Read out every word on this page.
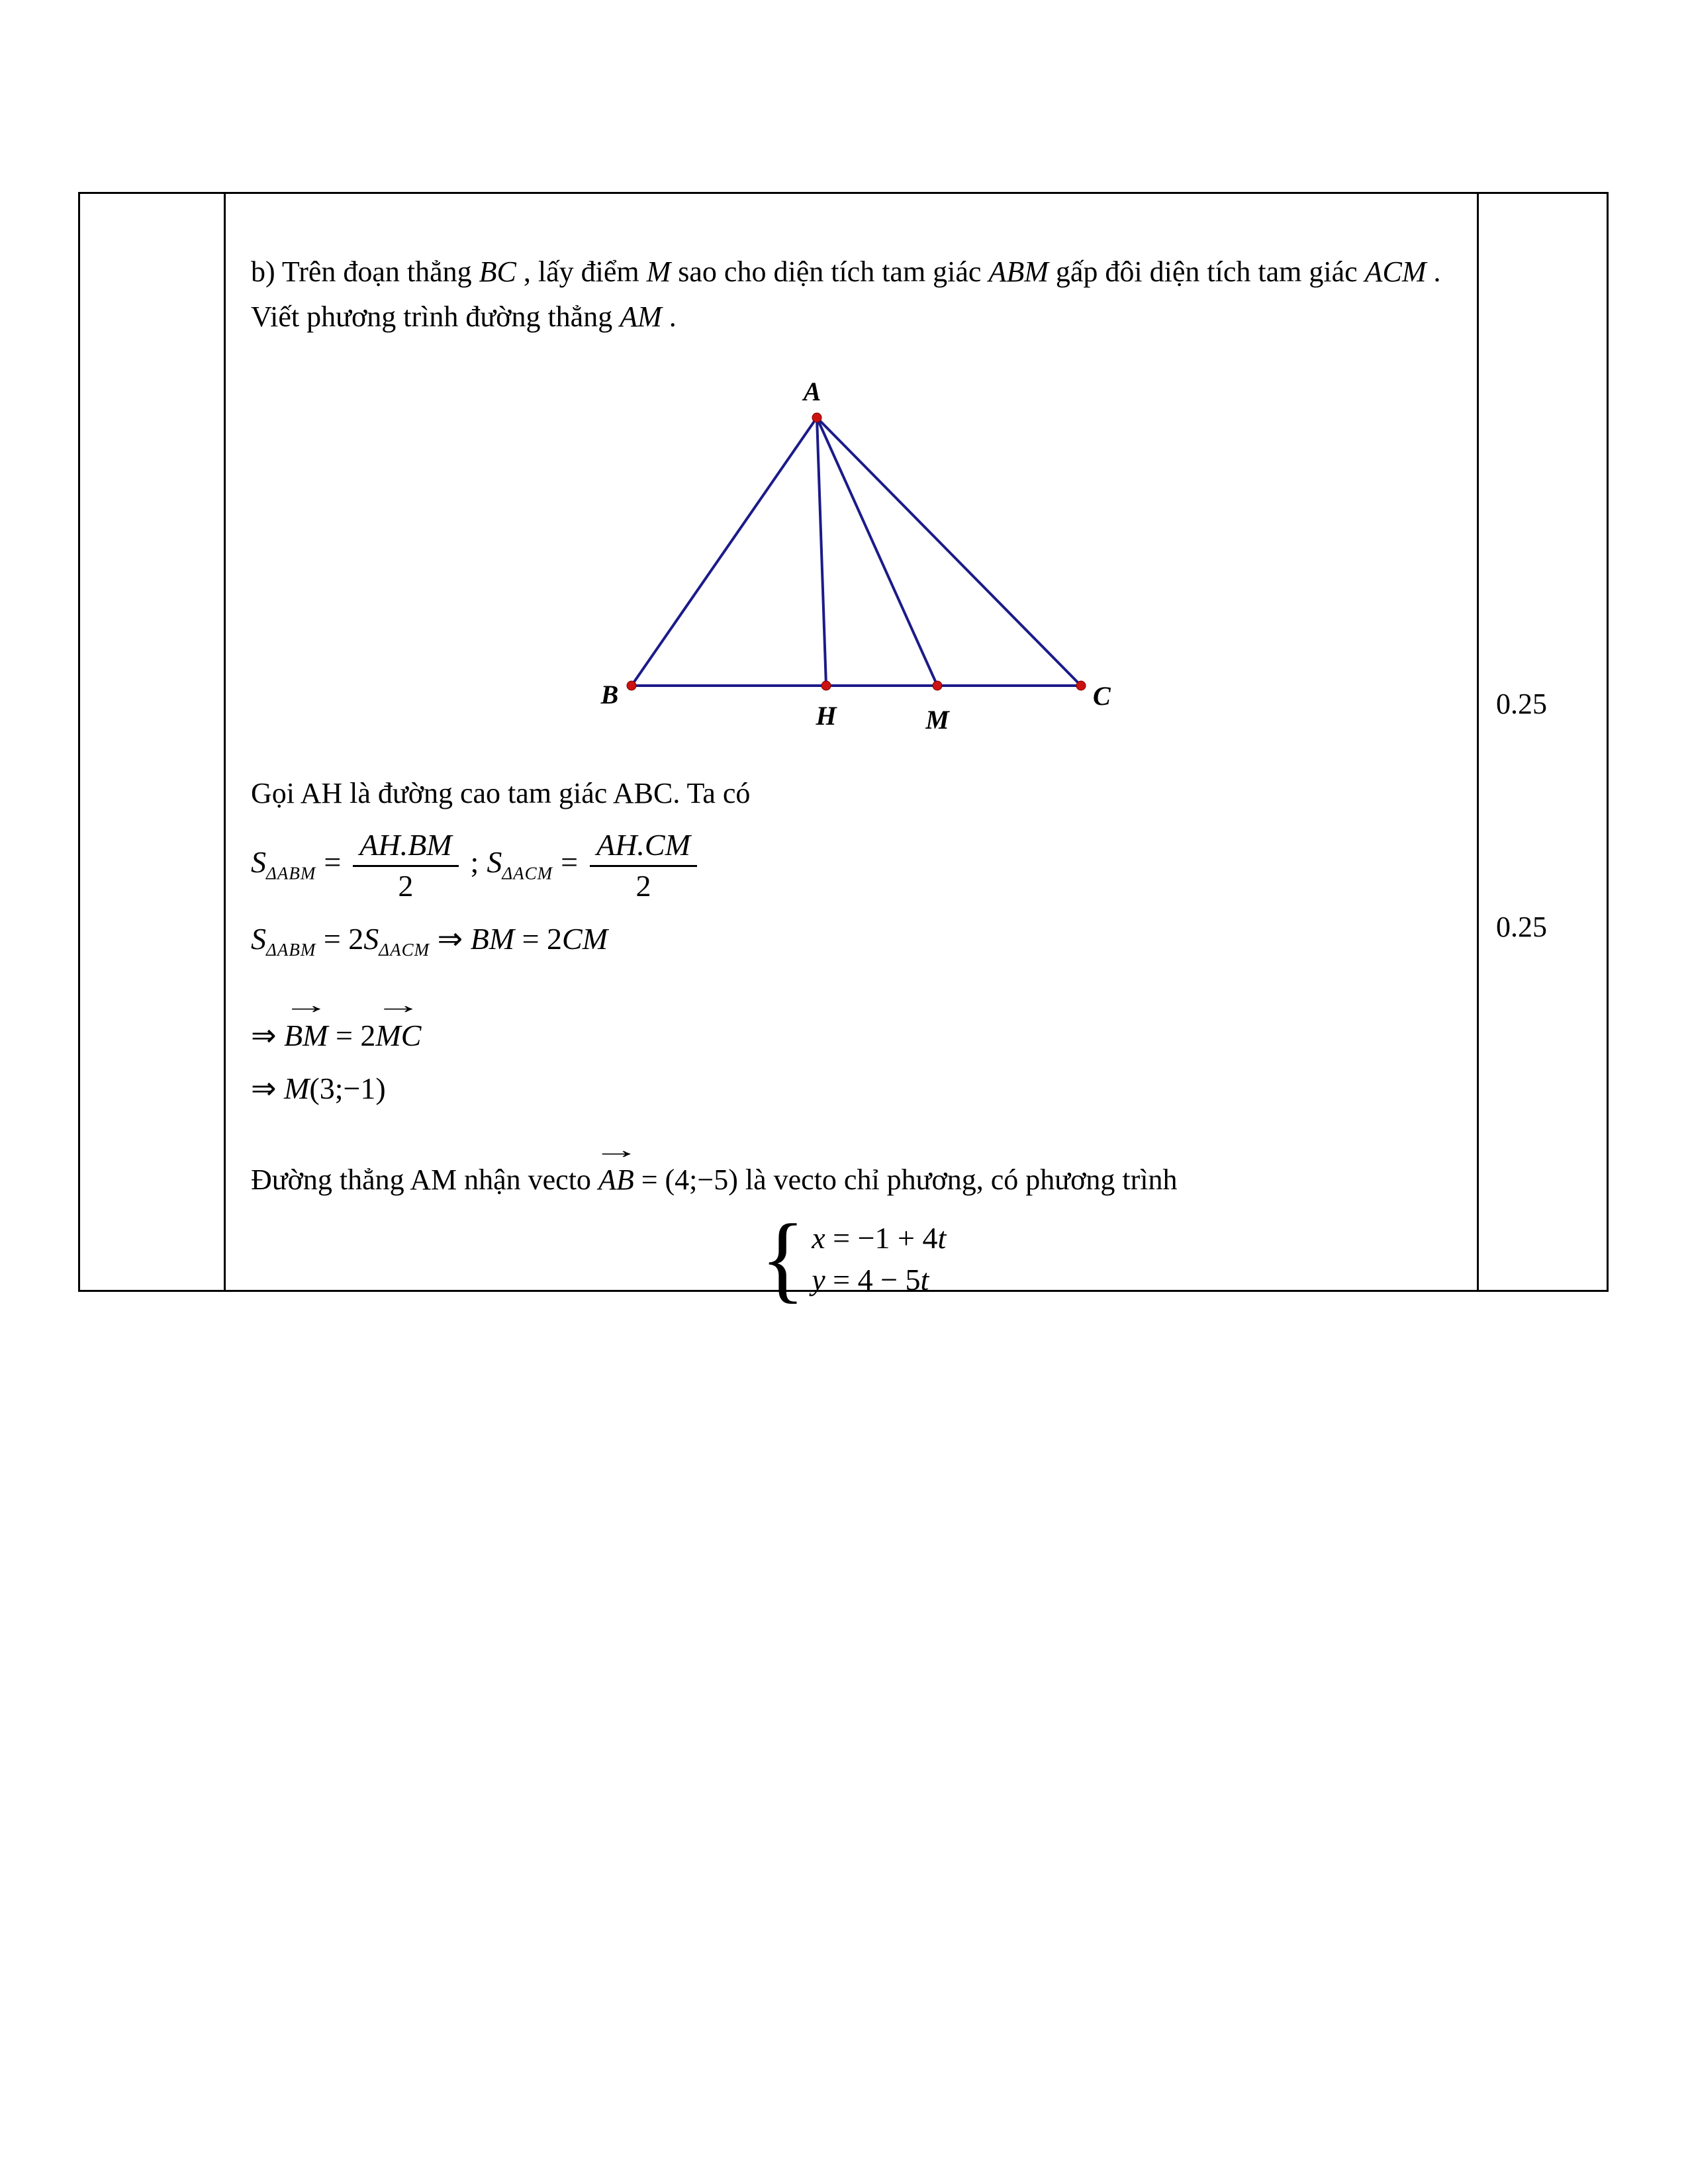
b) Trên đoạn thẳng BC , lấy điểm M sao cho diện tích tam giác ABM gấp đôi diện tích tam giác ACM . Viết phương trình đường thẳng AM .

A
B	C
H	M

Gọi AH là đường cao tam giác ABC. Ta có

$S_{\Delta ABM} = \frac{AH.BM}{2}$ ; $S_{\Delta ACM} = \frac{AH.CM}{2}$
$S_{\Delta ABM} = 2S_{\Delta ACM}$ ⇒ BM = 2CM
⇒
→
BM = 2
→
MC
⇒ M(3;−1)
Đường thẳng AM nhận vecto
→
AB = (4;−5) là vecto chỉ phương, có phương trình
{ x = −1 + 4t
y = 4 − 5t
0.25
0.25
